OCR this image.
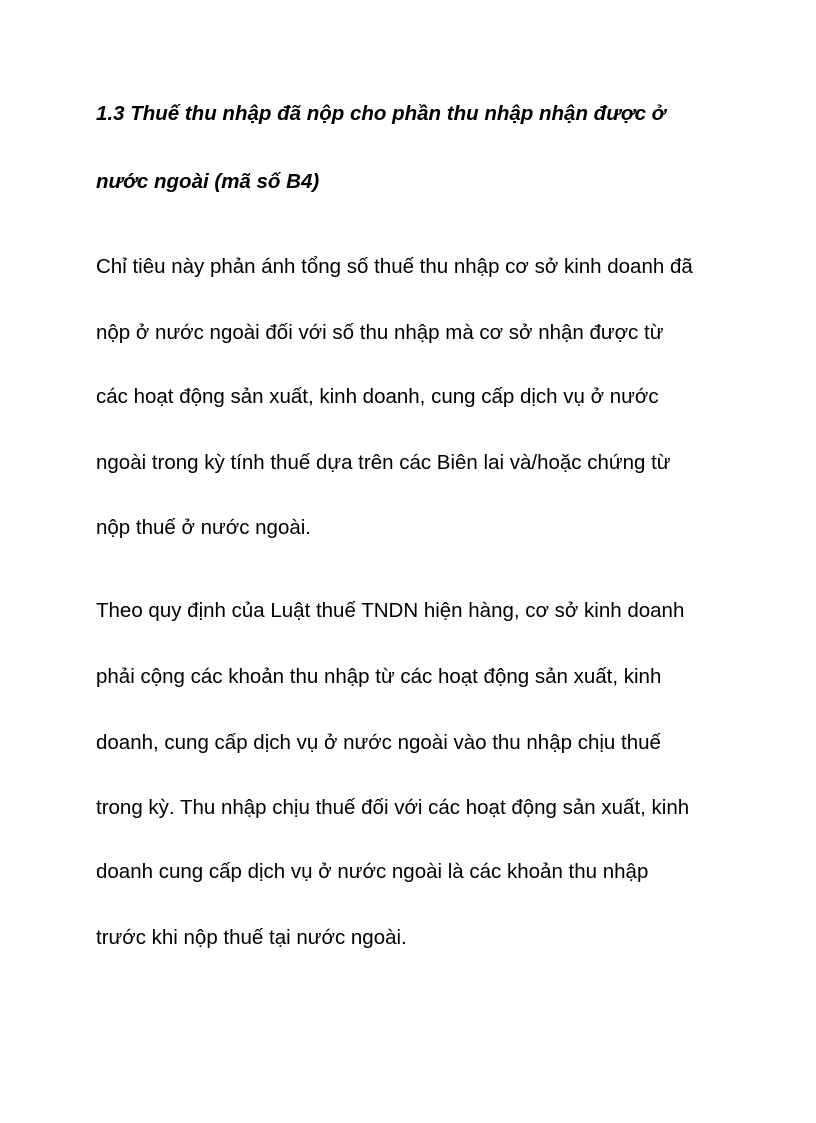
1.3 Thuế thu nhập đã nộp cho phần thu nhập nhận được ở

nước ngoài (mã số B4)

Chỉ tiêu này phản ánh tổng số thuế thu nhập cơ sở kinh doanh đã

nộp ở nước ngoài đối với số thu nhập mà cơ sở nhận được từ

các hoạt động sản xuất, kinh doanh, cung cấp dịch vụ ở nước

ngoài trong kỳ tính thuế dựa trên các Biên lai và/hoặc chứng từ

nộp thuế ở nước ngoài.

Theo quy định của Luật thuế TNDN hiện hàng, cơ sở kinh doanh

phải cộng các khoản thu nhập từ các hoạt động sản xuất, kinh

doanh, cung cấp dịch vụ ở nước ngoài vào thu nhập chịu thuế

trong kỳ. Thu nhập chịu thuế đối với các hoạt động sản xuất, kinh

doanh cung cấp dịch vụ ở nước ngoài là các khoản thu nhập

trước khi nộp thuế tại nước ngoài.
